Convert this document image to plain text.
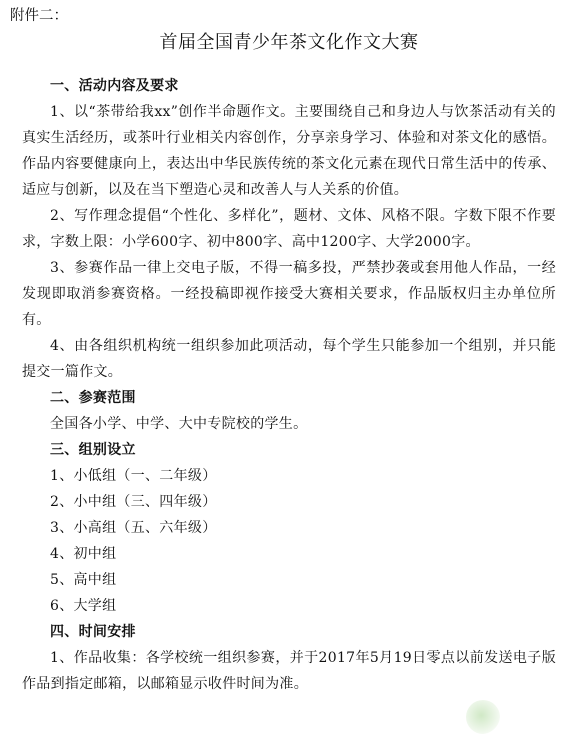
附件二：
首届全国青少年茶文化作文大赛
一、活动内容及要求

1、以“茶带给我xx”创作半命题作文。主要围绕自己和身边人与饮茶活动有关的真实生活经历，或茶叶行业相关内容创作，分享亲身学习、体验和对茶文化的感悟。作品内容要健康向上，表达出中华民族传统的茶文化元素在现代日常生活中的传承、适应与创新，以及在当下塑造心灵和改善人与人关系的价值。

2、写作理念提倡“个性化、多样化”，题材、文体、风格不限。字数下限不作要求，字数上限：小学600字、初中800字、高中1200字、大学2000字。

3、参赛作品一律上交电子版，不得一稿多投，严禁抄袭或套用他人作品，一经发现即取消参赛资格。一经投稿即视作接受大赛相关要求，作品版权归主办单位所有。

4、由各组织机构统一组织参加此项活动，每个学生只能参加一个组别，并只能提交一篇作文。

二、参赛范围
全国各小学、中学、大中专院校的学生。
三、组别设立
1、小低组（一、二年级）
2、小中组（三、四年级）
3、小高组（五、六年级）
4、初中组
5、高中组
6、大学组
四、时间安排

1、作品收集：各学校统一组织参赛，并于2017年5月19日零点以前发送电子版作品到指定邮箱，以邮箱显示收件时间为准。
